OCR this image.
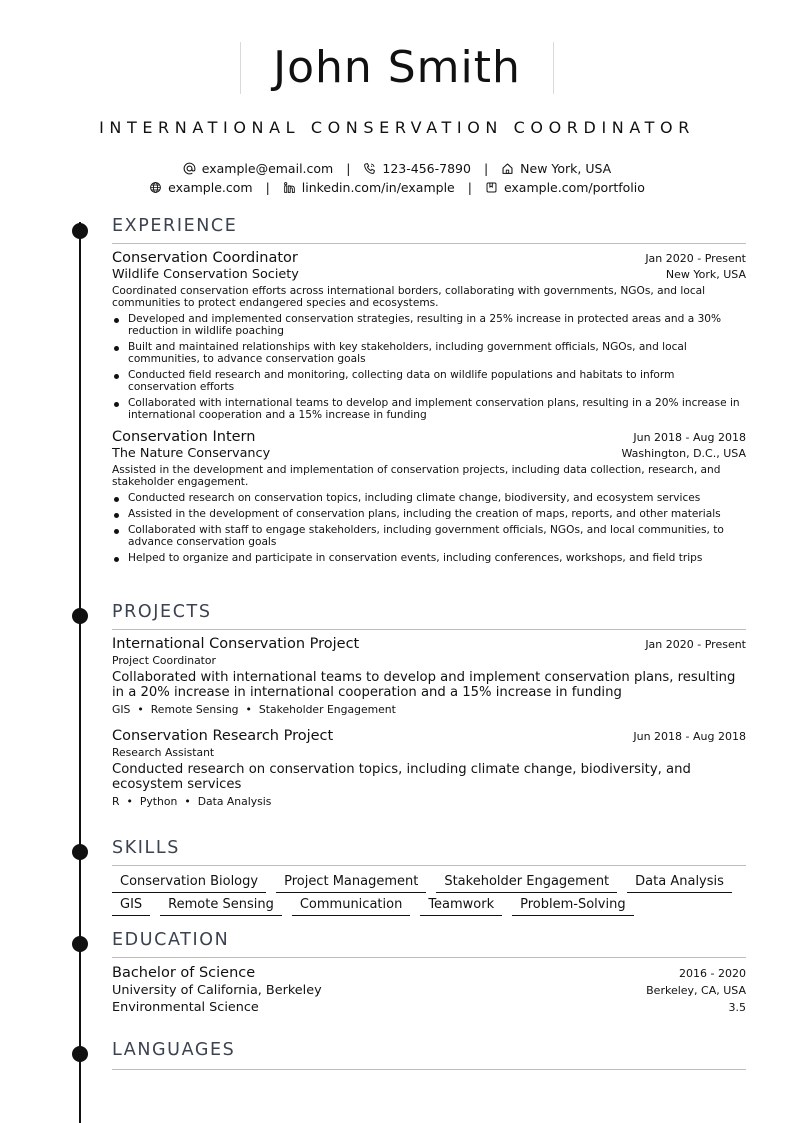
John Smith
INTERNATIONAL CONSERVATION COORDINATOR
example@email.com |	123-456-7890 |	New York, USA
example.com |	linkedin.com/in/example |	example.com/portfolio
EXPERIENCE
Conservation Coordinator	Jan 2020 - Present
Wildlife Conservation Society	New York, USA
Coordinated conservation efforts across international borders, collaborating with governments, NGOs, and local communities to protect endangered species and ecosystems.
Developed and implemented conservation strategies, resulting in a 25% increase in protected areas and a 30% reduction in wildlife poaching
Built and maintained relationships with key stakeholders, including government officials, NGOs, and local communities, to advance conservation goals
Conducted field research and monitoring, collecting data on wildlife populations and habitats to inform conservation efforts
Collaborated with international teams to develop and implement conservation plans, resulting in a 20% increase in international cooperation and a 15% increase in funding
Conservation Intern	Jun 2018 - Aug 2018
The Nature Conservancy	Washington, D.C., USA
Assisted in the development and implementation of conservation projects, including data collection, research, and stakeholder engagement.
Conducted research on conservation topics, including climate change, biodiversity, and ecosystem services
Assisted in the development of conservation plans, including the creation of maps, reports, and other materials
Collaborated with staff to engage stakeholders, including government officials, NGOs, and local communities, to advance conservation goals
Helped to organize and participate in conservation events, including conferences, workshops, and field trips
PROJECTS
International Conservation Project	Jan 2020 - Present
Project Coordinator
Collaborated with international teams to develop and implement conservation plans, resulting in a 20% increase in international cooperation and a 15% increase in funding
GIS • Remote Sensing • Stakeholder Engagement
Conservation Research Project	Jun 2018 - Aug 2018
Research Assistant
Conducted research on conservation topics, including climate change, biodiversity, and ecosystem services
R • Python • Data Analysis
SKILLS
Conservation Biology	Project Management	Stakeholder Engagement	Data Analysis
GIS	Remote Sensing	Communication	Teamwork	Problem-Solving
EDUCATION
Bachelor of Science	2016 - 2020
University of California, Berkeley	Berkeley, CA, USA
Environmental Science	3.5
LANGUAGES
